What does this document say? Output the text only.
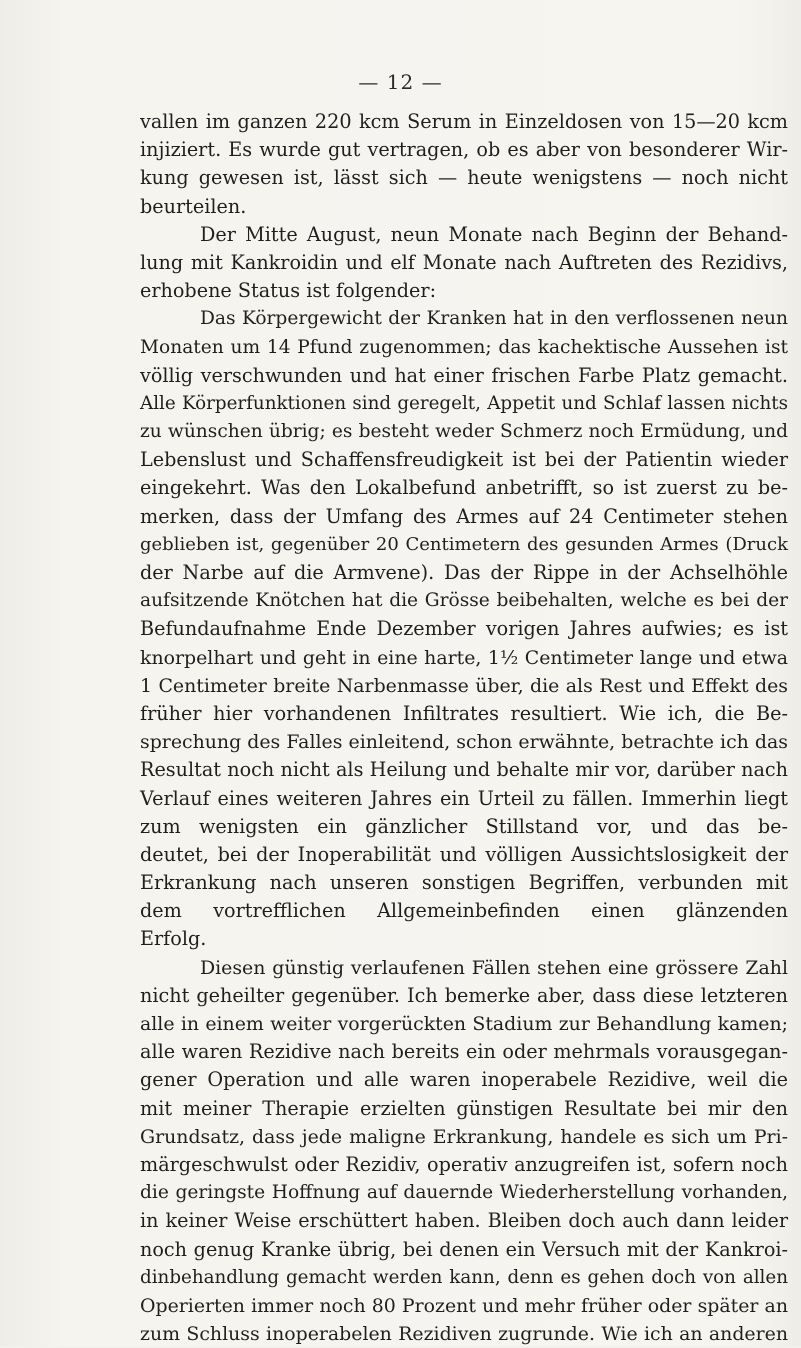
— 12 —
vallen im ganzen 220 kcm Serum in Einzeldosen von 15—20 kcm
injiziert. Es wurde gut vertragen, ob es aber von besonderer Wir-
kung gewesen ist, lässt sich — heute wenigstens — noch nicht
beurteilen.
Der Mitte August, neun Monate nach Beginn der Behand-
lung mit Kankroidin und elf Monate nach Auftreten des Rezidivs,
erhobene Status ist folgender:
Das Körpergewicht der Kranken hat in den verflossenen neun
Monaten um 14 Pfund zugenommen; das kachektische Aussehen ist
völlig verschwunden und hat einer frischen Farbe Platz gemacht.
Alle Körperfunktionen sind geregelt, Appetit und Schlaf lassen nichts
zu wünschen übrig; es besteht weder Schmerz noch Ermüdung, und
Lebenslust und Schaffensfreudigkeit ist bei der Patientin wieder
eingekehrt. Was den Lokalbefund anbetrifft, so ist zuerst zu be-
merken, dass der Umfang des Armes auf 24 Centimeter stehen
geblieben ist, gegenüber 20 Centimetern des gesunden Armes (Druck
der Narbe auf die Armvene). Das der Rippe in der Achselhöhle
aufsitzende Knötchen hat die Grösse beibehalten, welche es bei der
Befundaufnahme Ende Dezember vorigen Jahres aufwies; es ist
knorpelhart und geht in eine harte, 1½ Centimeter lange und etwa
1 Centimeter breite Narbenmasse über, die als Rest und Effekt des
früher hier vorhandenen Infiltrates resultiert. Wie ich, die Be-
sprechung des Falles einleitend, schon erwähnte, betrachte ich das
Resultat noch nicht als Heilung und behalte mir vor, darüber nach
Verlauf eines weiteren Jahres ein Urteil zu fällen. Immerhin liegt
zum wenigsten ein gänzlicher Stillstand vor, und das be-
deutet, bei der Inoperabilität und völligen Aussichtslosigkeit der
Erkrankung nach unseren sonstigen Begriffen, verbunden mit
dem vortrefflichen Allgemeinbefinden einen glänzenden
Erfolg.
Diesen günstig verlaufenen Fällen stehen eine grössere Zahl
nicht geheilter gegenüber. Ich bemerke aber, dass diese letzteren
alle in einem weiter vorgerückten Stadium zur Behandlung kamen;
alle waren Rezidive nach bereits ein oder mehrmals vorausgegan-
gener Operation und alle waren inoperabele Rezidive, weil die
mit meiner Therapie erzielten günstigen Resultate bei mir den
Grundsatz, dass jede maligne Erkrankung, handele es sich um Pri-
märgeschwulst oder Rezidiv, operativ anzugreifen ist, sofern noch
die geringste Hoffnung auf dauernde Wiederherstellung vorhanden,
in keiner Weise erschüttert haben. Bleiben doch auch dann leider
noch genug Kranke übrig, bei denen ein Versuch mit der Kankroi-
dinbehandlung gemacht werden kann, denn es gehen doch von allen
Operierten immer noch 80 Prozent und mehr früher oder später an
zum Schluss inoperabelen Rezidiven zugrunde. Wie ich an anderen
